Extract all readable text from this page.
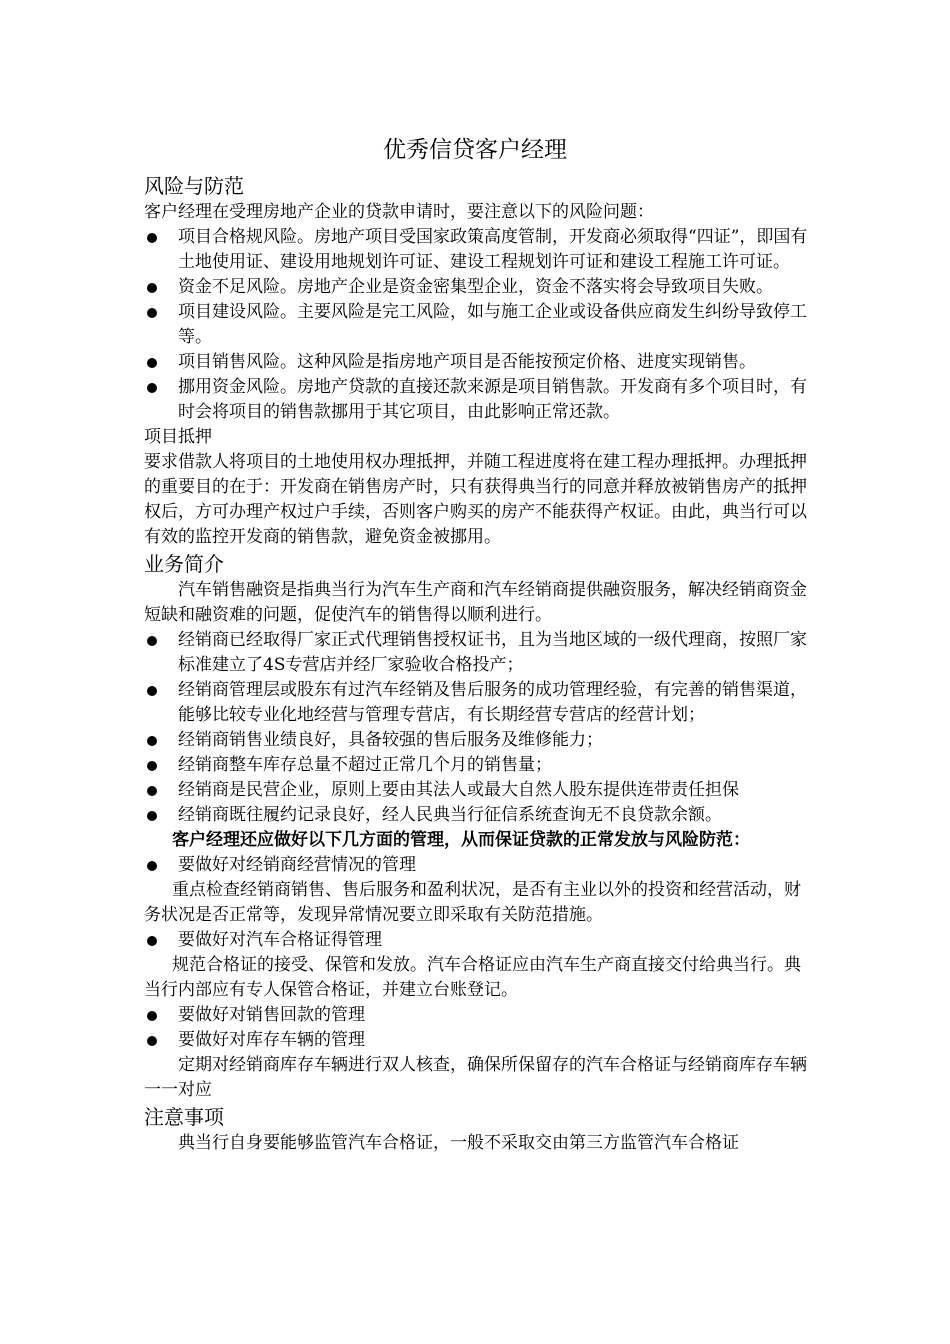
优秀信贷客户经理
风险与防范

客户经理在受理房地产企业的贷款申请时，要注意以下的风险问题：

项目合格规风险。房地产项目受国家政策高度管制，开发商必须取得“四证”，即国有土地使用证、建设用地规划许可证、建设工程规划许可证和建设工程施工许可证。
资金不足风险。房地产企业是资金密集型企业，资金不落实将会导致项目失败。
项目建设风险。主要风险是完工风险，如与施工企业或设备供应商发生纠纷导致停工等。
项目销售风险。这种风险是指房地产项目是否能按预定价格、进度实现销售。
挪用资金风险。房地产贷款的直接还款来源是项目销售款。开发商有多个项目时，有时会将项目的销售款挪用于其它项目，由此影响正常还款。

项目抵押

要求借款人将项目的土地使用权办理抵押，并随工程进度将在建工程办理抵押。办理抵押的重要目的在于：开发商在销售房产时，只有获得典当行的同意并释放被销售房产的抵押权后，方可办理产权过户手续，否则客户购买的房产不能获得产权证。由此，典当行可以有效的监控开发商的销售款，避免资金被挪用。

业务简介

汽车销售融资是指典当行为汽车生产商和汽车经销商提供融资服务，解决经销商资金短缺和融资难的问题，促使汽车的销售得以顺利进行。

经销商已经取得厂家正式代理销售授权证书，且为当地区域的一级代理商，按照厂家标准建立了4S专营店并经厂家验收合格投产；
经销商管理层或股东有过汽车经销及售后服务的成功管理经验，有完善的销售渠道，能够比较专业化地经营与管理专营店，有长期经营专营店的经营计划；
经销商销售业绩良好，具备较强的售后服务及维修能力；
经销商整车库存总量不超过正常几个月的销售量；
经销商是民营企业，原则上要由其法人或最大自然人股东提供连带责任担保
经销商既往履约记录良好，经人民典当行征信系统查询无不良贷款余额。

客户经理还应做好以下几方面的管理，从而保证贷款的正常发放与风险防范：

要做好对经销商经营情况的管理

重点检查经销商销售、售后服务和盈利状况，是否有主业以外的投资和经营活动，财务状况是否正常等，发现异常情况要立即采取有关防范措施。

要做好对汽车合格证得管理

规范合格证的接受、保管和发放。汽车合格证应由汽车生产商直接交付给典当行。典当行内部应有专人保管合格证，并建立台账登记。

要做好对销售回款的管理
要做好对库存车辆的管理

定期对经销商库存车辆进行双人核查，确保所保留存的汽车合格证与经销商库存车辆一一对应

注意事项

典当行自身要能够监管汽车合格证，一般不采取交由第三方监管汽车合格证
